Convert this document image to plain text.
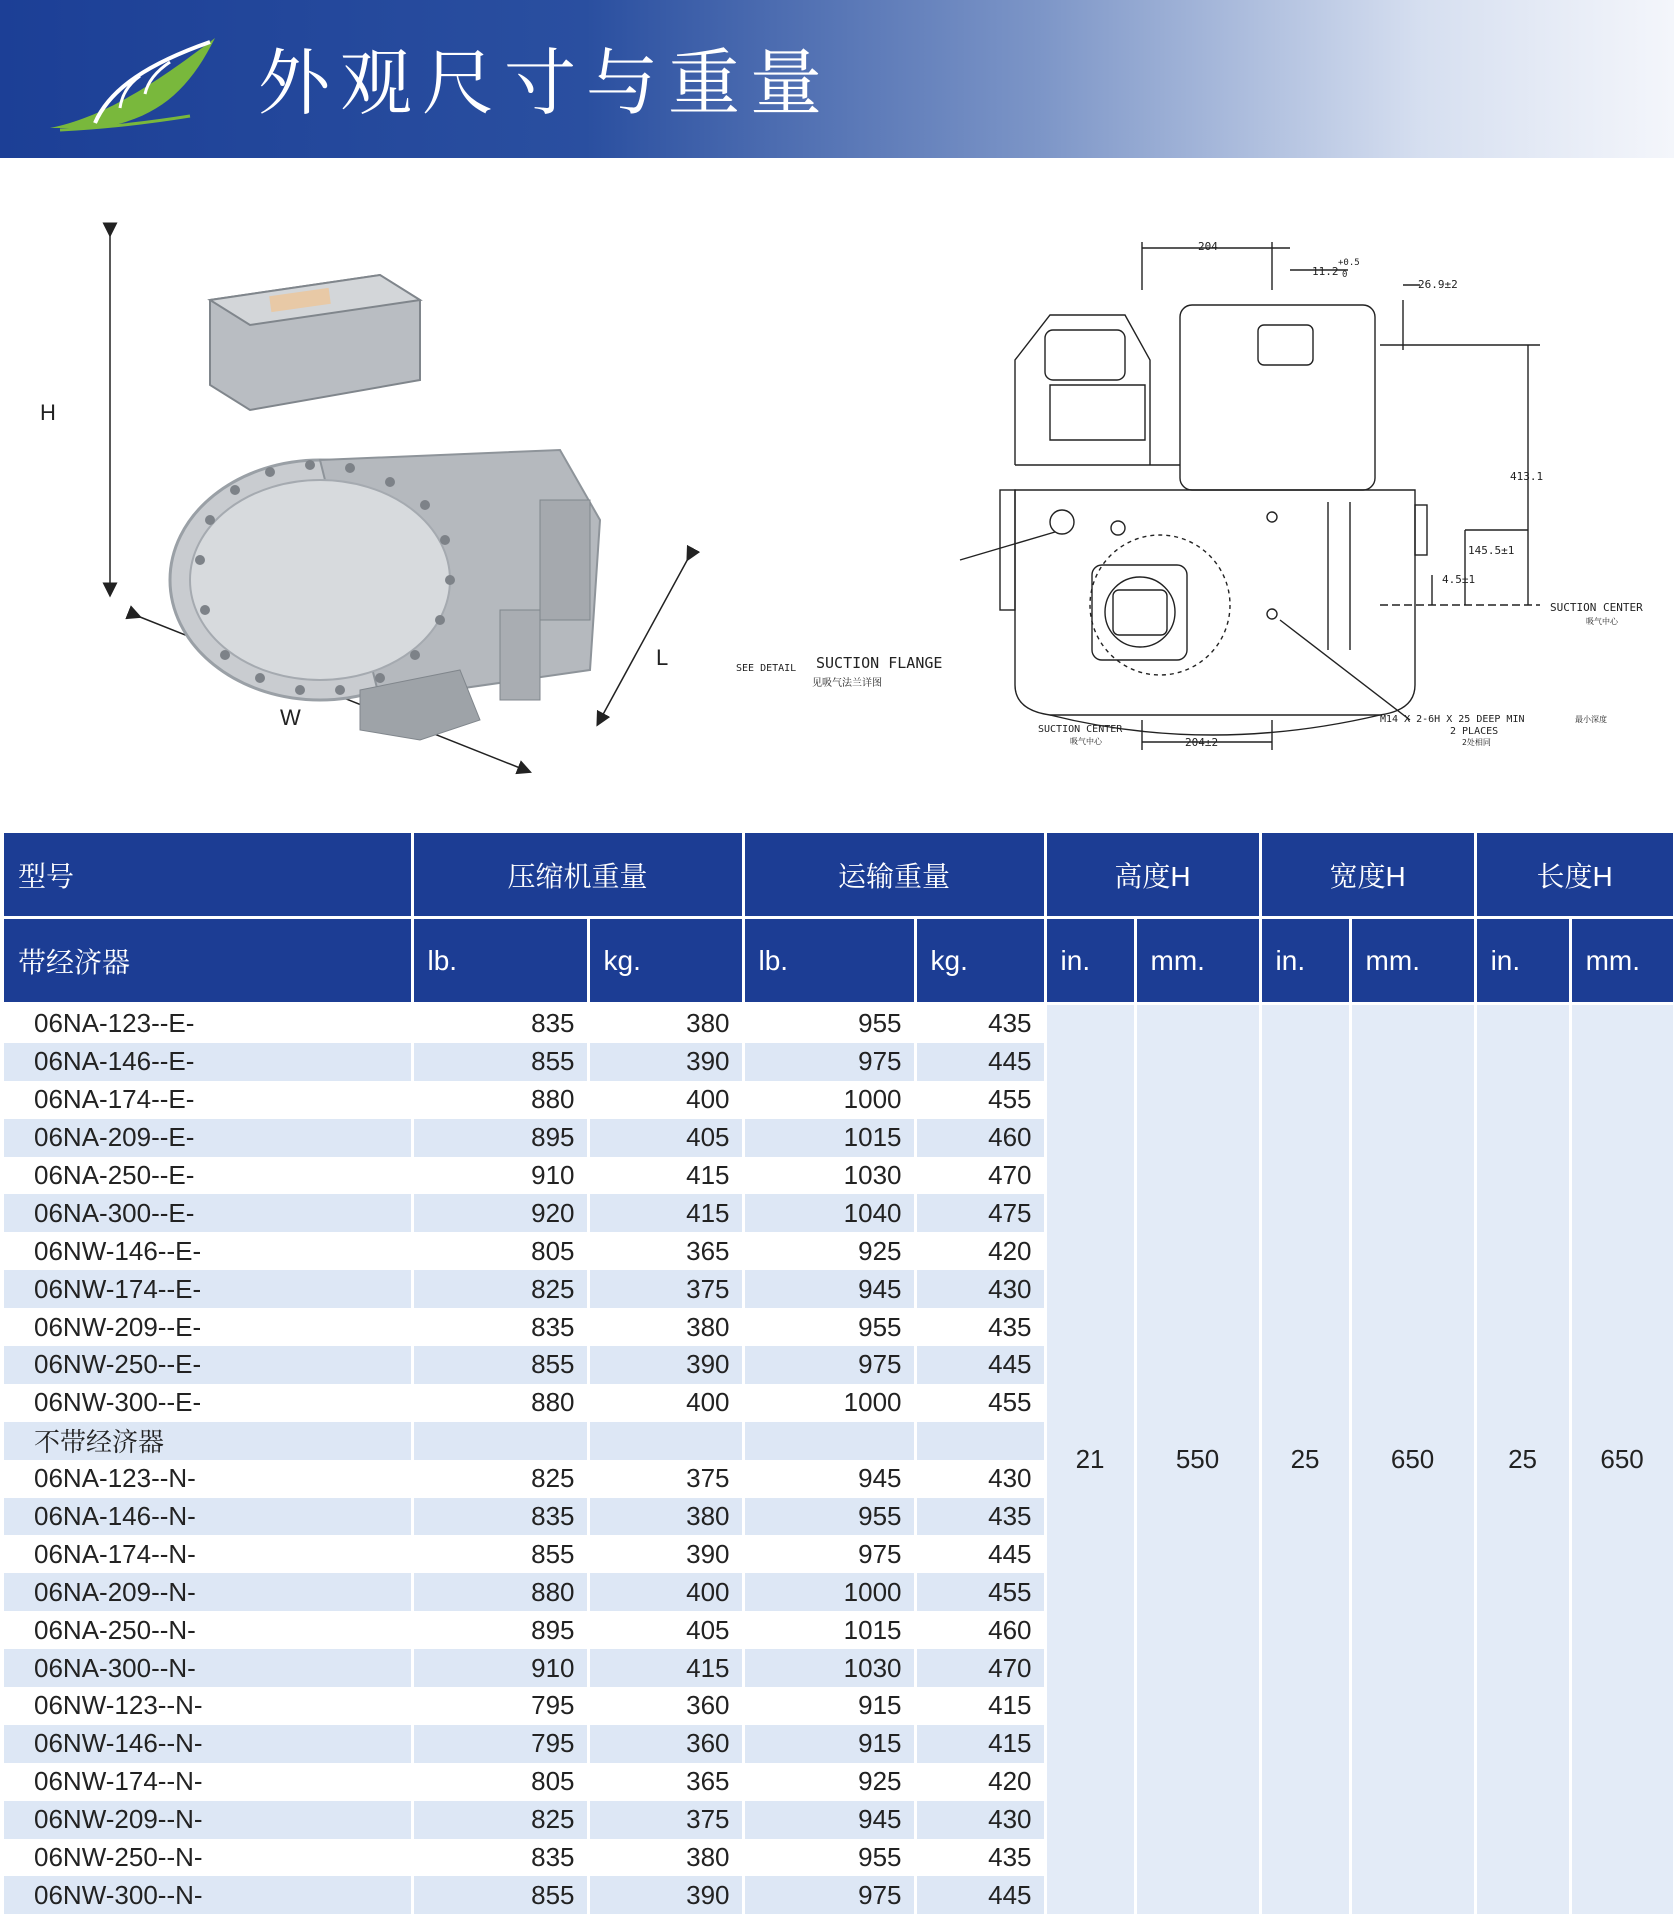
外观尺寸与重量
H
W
L
204
11.2
+0.5
0
26.9±2
413.1
145.5±1
4.5±1
SUCTION CENTER
吸气中心
SEE DETAIL SUCTION FLANGE
见吸气法兰详图
M14 X 2-6H X 25 DEEP MIN	最小深度
2 PLACES
2处相同
SUCTION CENTER
吸气中心	204±2
型号	压缩机重量		运输重量		高度H		宽度H		长度H	
带经济器	lb.	kg.	lb.	kg.	in.	mm.	in.	mm.	in.	mm.
06NA-123--E-	835	380	955	435	21	550	25	650	25	650
06NA-146--E-	855	390	975	445						
06NA-174--E-	880	400	1000	455						
06NA-209--E-	895	405	1015	460						
06NA-250--E-	910	415	1030	470						
06NA-300--E-	920	415	1040	475						
06NW-146--E-	805	365	925	420						
06NW-174--E-	825	375	945	430						
06NW-209--E-	835	380	955	435						
06NW-250--E-	855	390	975	445						
06NW-300--E-	880	400	1000	455						
不带经济器										
06NA-123--N-	825	375	945	430						
06NA-146--N-	835	380	955	435						
06NA-174--N-	855	390	975	445						
06NA-209--N-	880	400	1000	455						
06NA-250--N-	895	405	1015	460						
06NA-300--N-	910	415	1030	470						
06NW-123--N-	795	360	915	415						
06NW-146--N-	795	360	915	415						
06NW-174--N-	805	365	925	420						
06NW-209--N-	825	375	945	430						
06NW-250--N-	835	380	955	435						
06NW-300--N-	855	390	975	445						
